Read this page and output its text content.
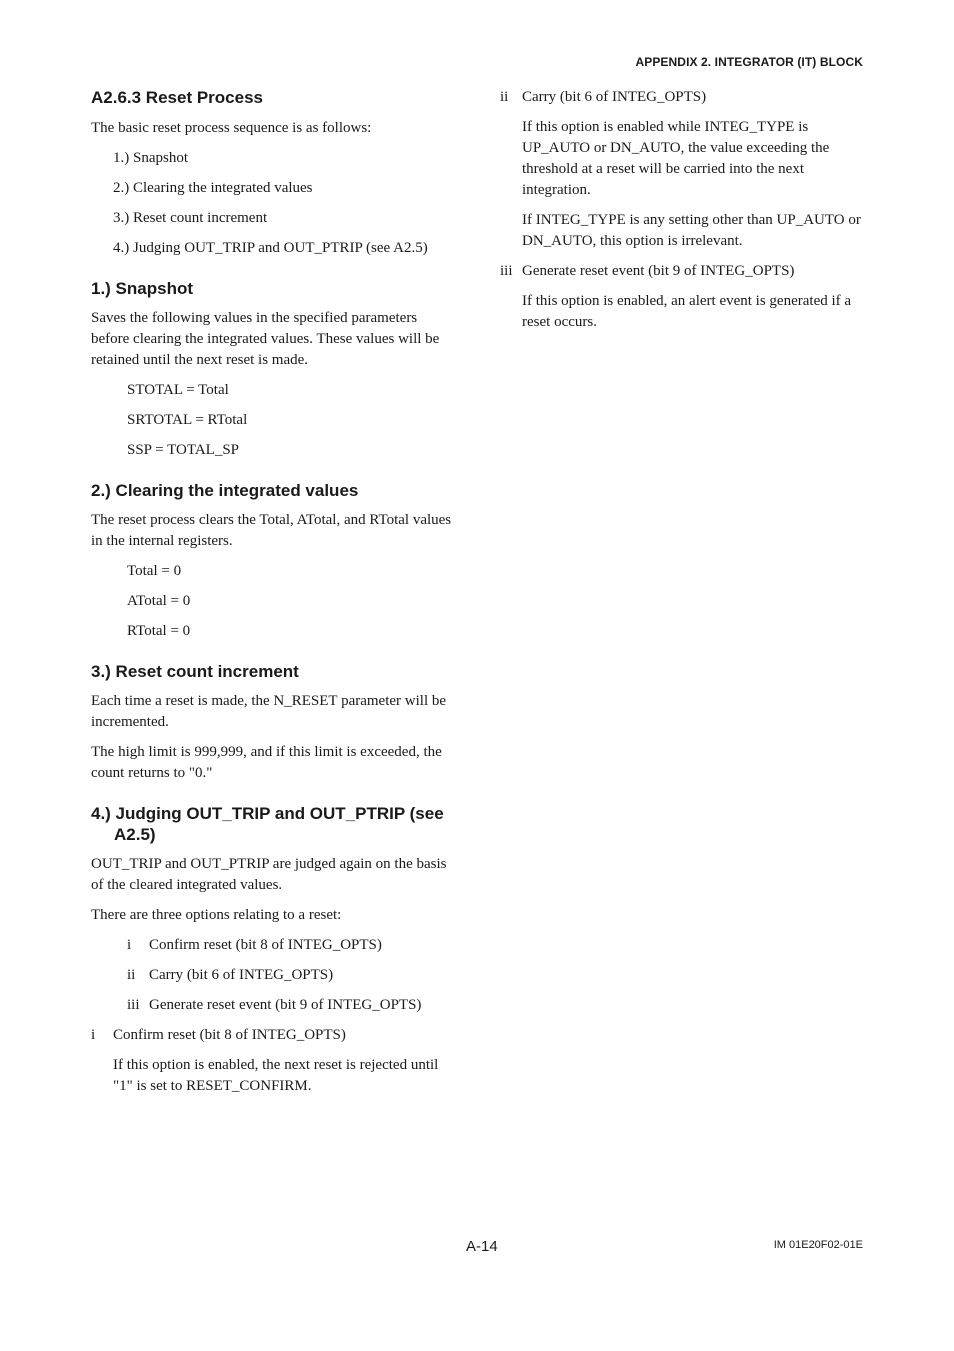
APPENDIX 2. INTEGRATOR (IT) BLOCK
A2.6.3 Reset Process

The basic reset process sequence is as follows:

1.) Snapshot

2.) Clearing the integrated values

3.) Reset count increment

4.) Judging OUT_TRIP and OUT_PTRIP (see A2.5)

1.) Snapshot

Saves the following values in the specified parameters before clearing the integrated values. These values will be retained until the next reset is made.

STOTAL = Total

SRTOTAL = RTotal

SSP = TOTAL_SP

2.) Clearing the integrated values

The reset process clears the Total, ATotal, and RTotal values in the internal registers.

Total = 0

ATotal = 0

RTotal = 0

3.) Reset count increment

Each time a reset is made, the N_RESET parameter will be incremented.

The high limit is 999,999, and if this limit is exceeded, the count returns to "0."

4.) Judging OUT_TRIP and OUT_PTRIP (see A2.5)

OUT_TRIP and OUT_PTRIP are judged again on the basis of the cleared integrated values.

There are three options relating to a reset:

i	Confirm reset (bit 8 of INTEG_OPTS)
ii Carry (bit 6 of INTEG_OPTS)
iii Generate reset event (bit 9 of INTEG_OPTS)
i	Confirm reset (bit 8 of INTEG_OPTS)

If this option is enabled, the next reset is rejected until "1" is set to RESET_CONFIRM.

ii Carry (bit 6 of INTEG_OPTS)

If this option is enabled while INTEG_TYPE is UP_AUTO or DN_AUTO, the value exceeding the threshold at a reset will be carried into the next integration.

If INTEG_TYPE is any setting other than UP_AUTO or DN_AUTO, this option is irrelevant.

iii Generate reset event (bit 9 of INTEG_OPTS)

If this option is enabled, an alert event is generated if a reset occurs.

A-14	IM 01E20F02-01E
